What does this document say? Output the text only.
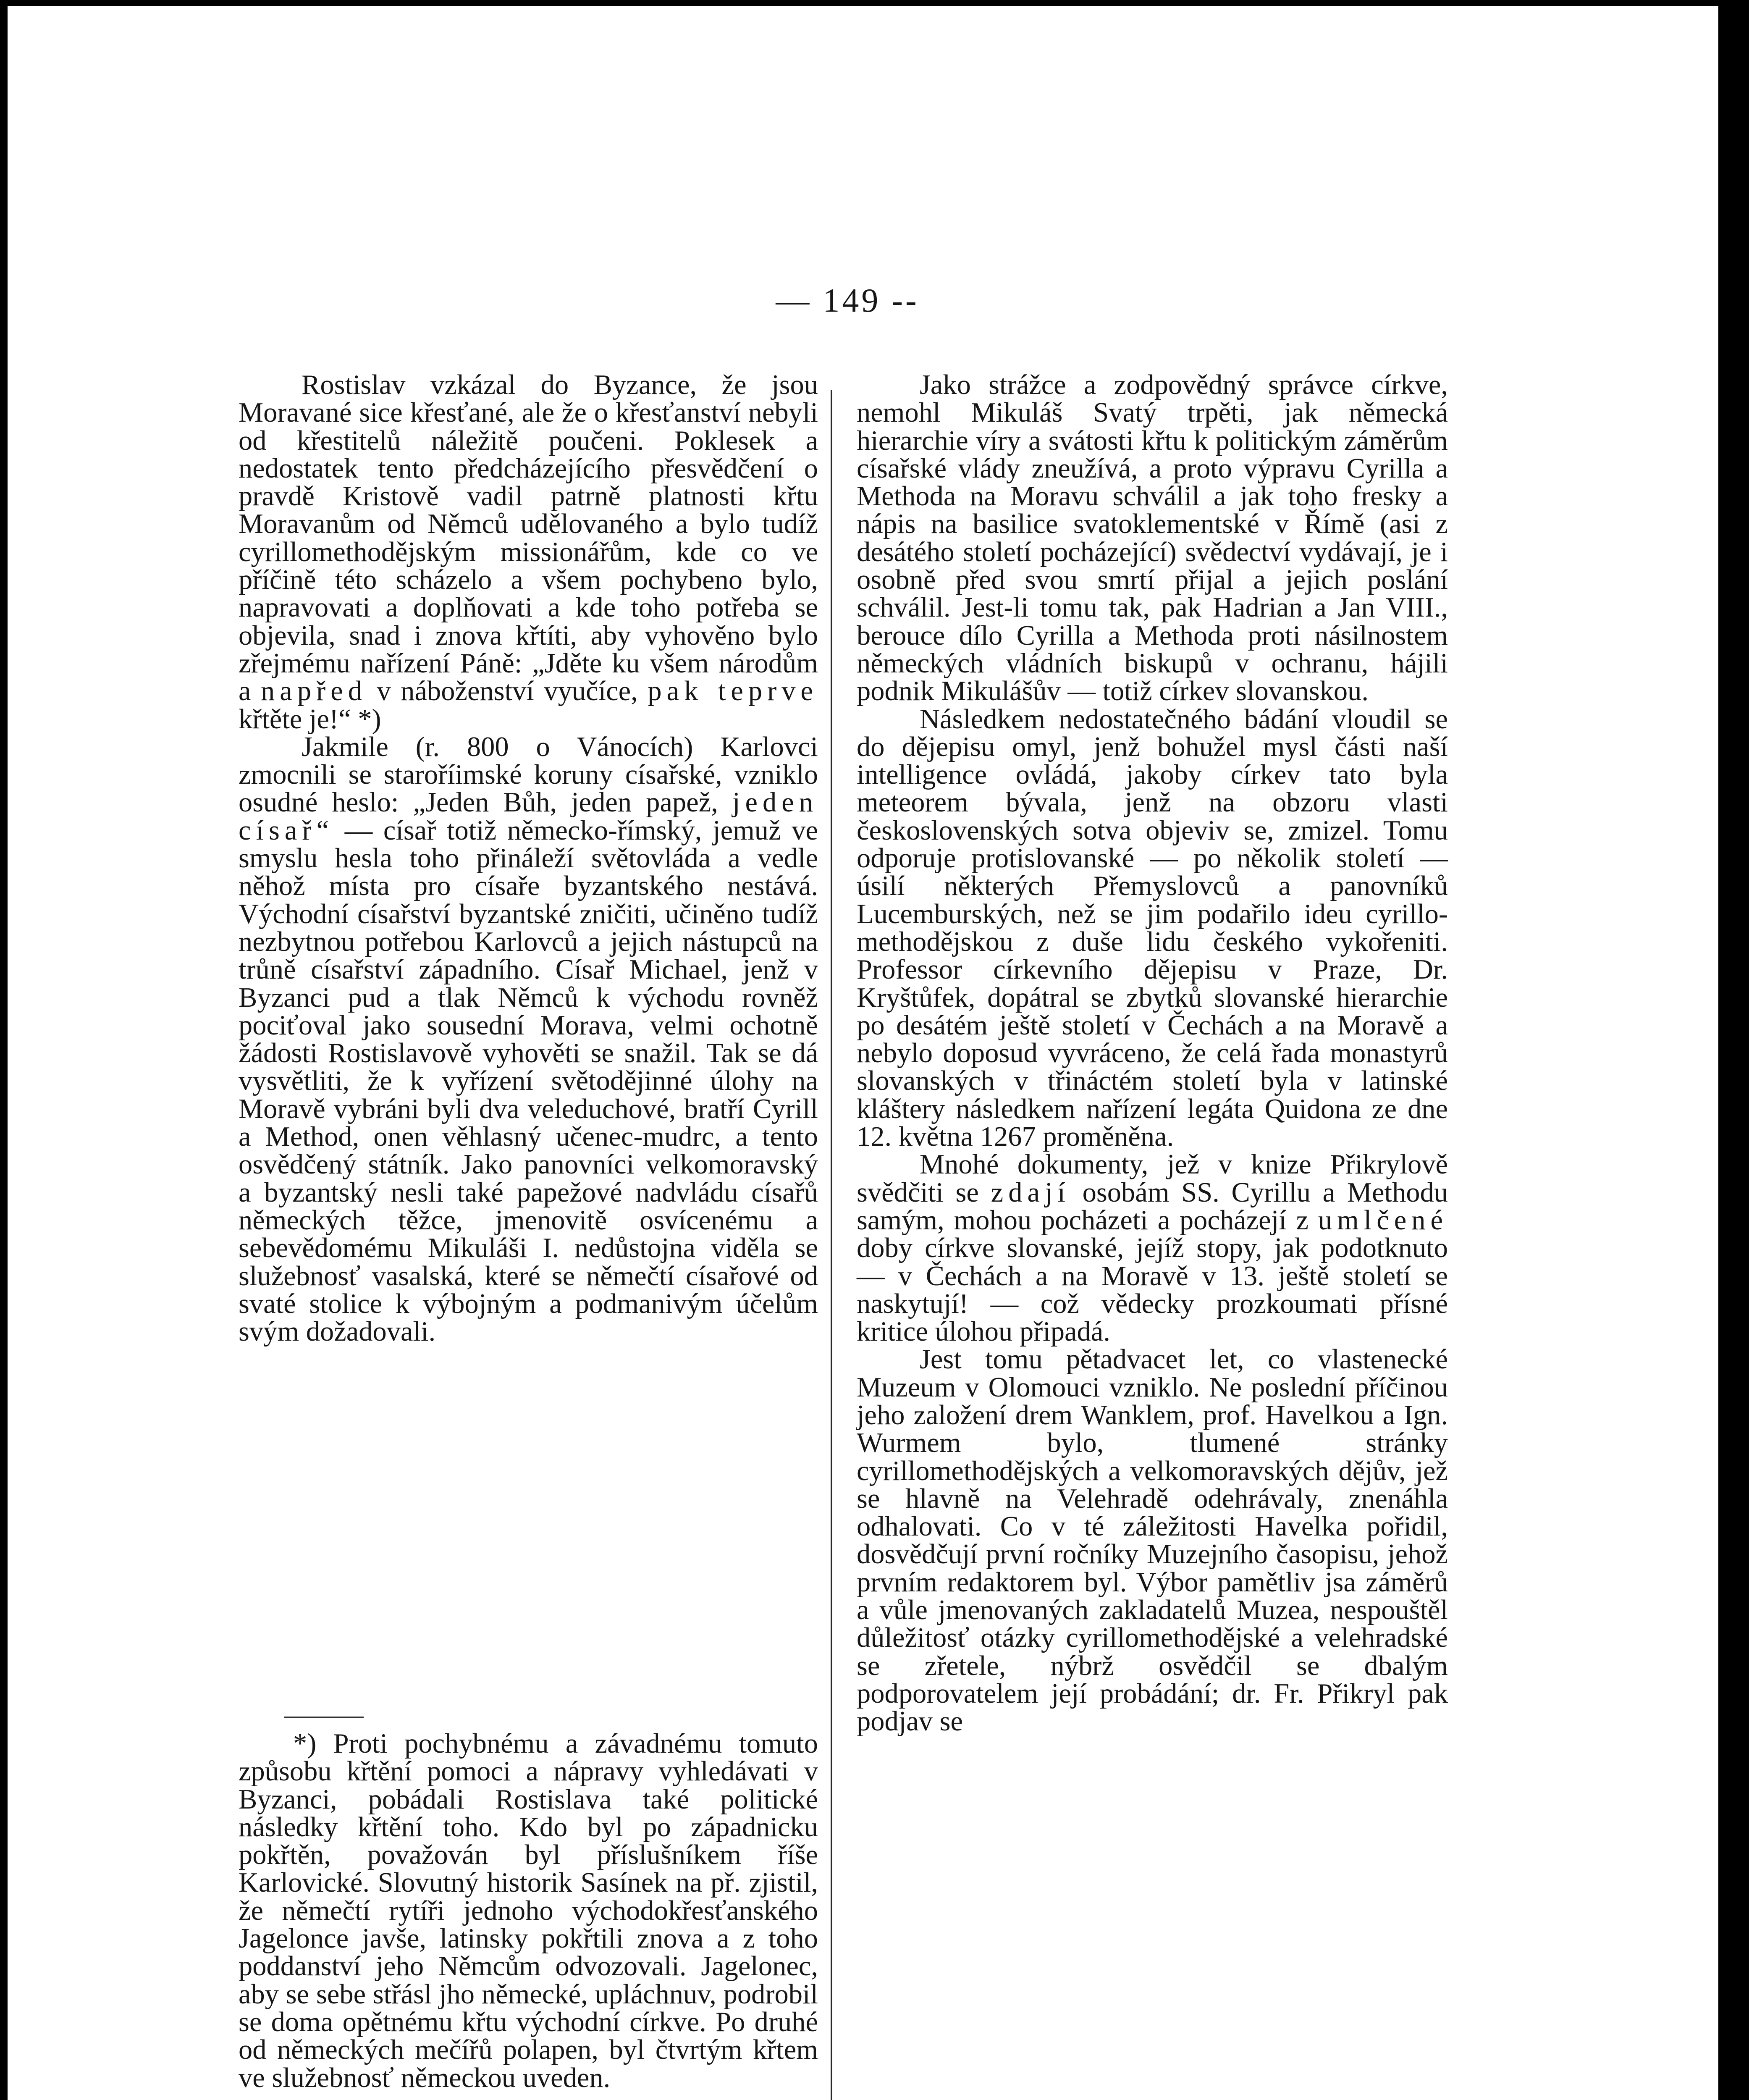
— 149 --

Rostislav vzkázal do Byzance, že jsou Moravané sice křesťané, ale že o křesťanství nebyli od křestitelů náležitě poučeni. Poklesek a nedostatek tento předcházejícího přesvědčení o pravdě Kristově vadil patrně platnosti křtu Moravanům od Němců udělovaného a bylo tudíž cyrillomethodějským missionářům, kde co ve příčině této scházelo a všem pochybeno bylo, napravovati a doplňovati a kde toho potřeba se objevila, snad i znova křtíti, aby vyhověno bylo zřejmému nařízení Páně: „Jděte ku všem národům a napřed v náboženství vyučíce, pak teprve křtěte je!“ *)

Jakmile (r. 800 o Vánocích) Karlovci zmocnili se staroříimské koruny císařské, vzniklo osudné heslo: „Jeden Bůh, jeden papež, jeden císař“ — císař totiž německo-římský, jemuž ve smyslu hesla toho přináleží světovláda a vedle něhož místa pro císaře byzantského nestává. Východní císařství byzantské zničiti, učiněno tudíž nezbytnou potřebou Karlovců a jejich nástupců na trůně císařství západního. Císař Michael, jenž v Byzanci pud a tlak Němců k východu rovněž pociťoval jako sousední Morava, velmi ochotně žádosti Rostislavově vyhověti se snažil. Tak se dá vysvětliti, že k vyřízení světodějinné úlohy na Moravě vybráni byli dva veleduchové, bratří Cyrill a Method, onen věhlasný učenec-mudrc, a tento osvědčený státník. Jako panovníci velkomoravský a byzantský nesli také papežové nadvládu císařů německých těžce, jmenovitě osvícenému a sebevědomému Mikuláši I. nedůstojna viděla se služebnosť vasalská, které se němečtí císařové od svaté stolice k výbojným a podmanivým účelům svým dožadovali.

*) Proti pochybnému a závadnému tomuto způsobu křtění pomoci a nápravy vyhledávati v Byzanci, pobádali Rostislava také politické následky křtění toho. Kdo byl po západnicku pokřtěn, považován byl příslušníkem říše Karlovické. Slovutný historik Sasínek na př. zjistil, že němečtí rytíři jednoho východokřesťanského Jagelonce javše, latinsky pokřtili znova a z toho poddanství jeho Němcům odvozovali. Jagelonec, aby se sebe střásl jho německé, upláchnuv, podrobil se doma opětnému křtu východní církve. Po druhé od německých mečířů polapen, byl čtvrtým křtem ve služebnosť německou uveden.

Jako strážce a zodpovědný správce církve, nemohl Mikuláš Svatý trpěti, jak německá hierarchie víry a svátosti křtu k politickým záměrům císařské vlády zneužívá, a proto výpravu Cyrilla a Methoda na Moravu schválil a jak toho fresky a nápis na basilice svatoklementské v Římě (asi z desátého století pocházející) svědectví vydávají, je i osobně před svou smrtí přijal a jejich poslání schválil. Jest-li tomu tak, pak Hadrian a Jan VIII., berouce dílo Cyrilla a Methoda proti násilnostem německých vládních biskupů v ochranu, hájili podnik Mikulášův — totiž církev slovanskou.

Následkem nedostatečného bádání vloudil se do dějepisu omyl, jenž bohužel mysl části naší intelligence ovládá, jakoby církev tato byla meteorem bývala, jenž na obzoru vlasti československých sotva objeviv se, zmizel. Tomu odporuje protislovanské — po několik století — úsilí některých Přemyslovců a panovníků Lucemburských, než se jim podařilo ideu cyrillo-methodějskou z duše lidu českého vykořeniti. Professor církevního dějepisu v Praze, Dr. Kryštůfek, dopátral se zbytků slovanské hierarchie po desátém ještě století v Čechách a na Moravě a nebylo doposud vyvráceno, že celá řada monastyrů slovanských v třináctém století byla v latinské kláštery následkem nařízení legáta Quidona ze dne 12. května 1267 proměněna.

Mnohé dokumenty, jež v knize Přikrylově svědčiti se zdají osobám SS. Cyrillu a Methodu samým, mohou pocházeti a pocházejí z umlčené doby církve slovanské, jejíž stopy, jak podotknuto — v Čechách a na Moravě v 13. ještě století se naskytují! — což vědecky prozkoumati přísné kritice úlohou připadá.

Jest tomu pětadvacet let, co vlastenecké Muzeum v Olomouci vzniklo. Ne poslední příčinou jeho založení drem Wanklem, prof. Havelkou a Ign. Wurmem bylo, tlumené stránky cyrillomethodějských a velkomoravských dějův, jež se hlavně na Velehradě odehrávaly, znenáhla odhalovati. Co v té záležitosti Havelka pořidil, dosvědčují první ročníky Muzejního časopisu, jehož prvním redaktorem byl. Výbor pamětliv jsa záměrů a vůle jmenovaných zakladatelů Muzea, nespouštěl důležitosť otázky cyrillomethodějské a velehradské se zřetele, nýbrž osvědčil se dbalým podporovatelem její probádání; dr. Fr. Přikryl pak podjav se
